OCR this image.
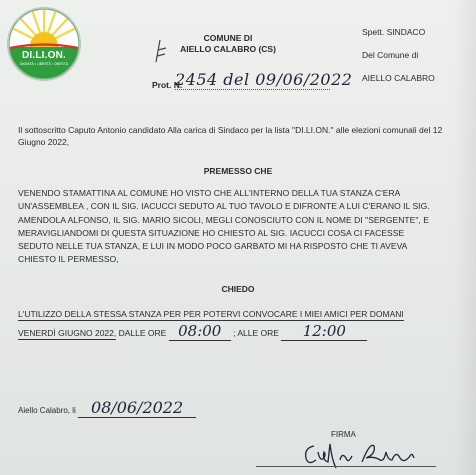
DI.LI.ON.
DIGNITÀ • LIBERTÀ • ONESTÀ
COMUNE DI
AIELLO CALABRO (CS)
Prot. N.
2454 del 09/06/2022
Spett. SINDACO
Del Comune di
AIELLO CALABRO
Il sottoscritto Caputo Antonio candidato Alla carica di Sindaco per la lista "DI.LI.ON." alle elezioni comunali del 12 Giugno 2022,
PREMESSO CHE
VENENDO STAMATTINA AL COMUNE HO VISTO CHE ALL'INTERNO DELLA TUA STANZA C'ERA
UN'ASSEMBLEA , CON IL SIG. IACUCCI SEDUTO AL TUO TAVOLO E DIFRONTE A LUI C'ERANO IL SIG.
AMENDOLA ALFONSO, IL SIG. MARIO SICOLI, MEGLI CONOSCIUTO CON IL NOME DI "SERGENTE", E
MERAVIGLIANDOMI DI QUESTA SITUAZIONE HO CHIESTO AL SIG. IACUCCI COSA CI FACESSE
SEDUTO NELLE TUA STANZA, E LUI IN MODO POCO GARBATO MI HA RISPOSTO CHE TI AVEVA
CHIESTO IL PERMESSO,
CHIEDO
L'UTILIZZO DELLA STESSA STANZA PER PER POTERVI CONVOCARE I MIEI AMICI PER DOMANI
VENERDÌ GIUGNO 2022, DALLE ORE 08:00 ; ALLE ORE 12:00
Aiello Calabro, li 08/06/2022
FIRMA
